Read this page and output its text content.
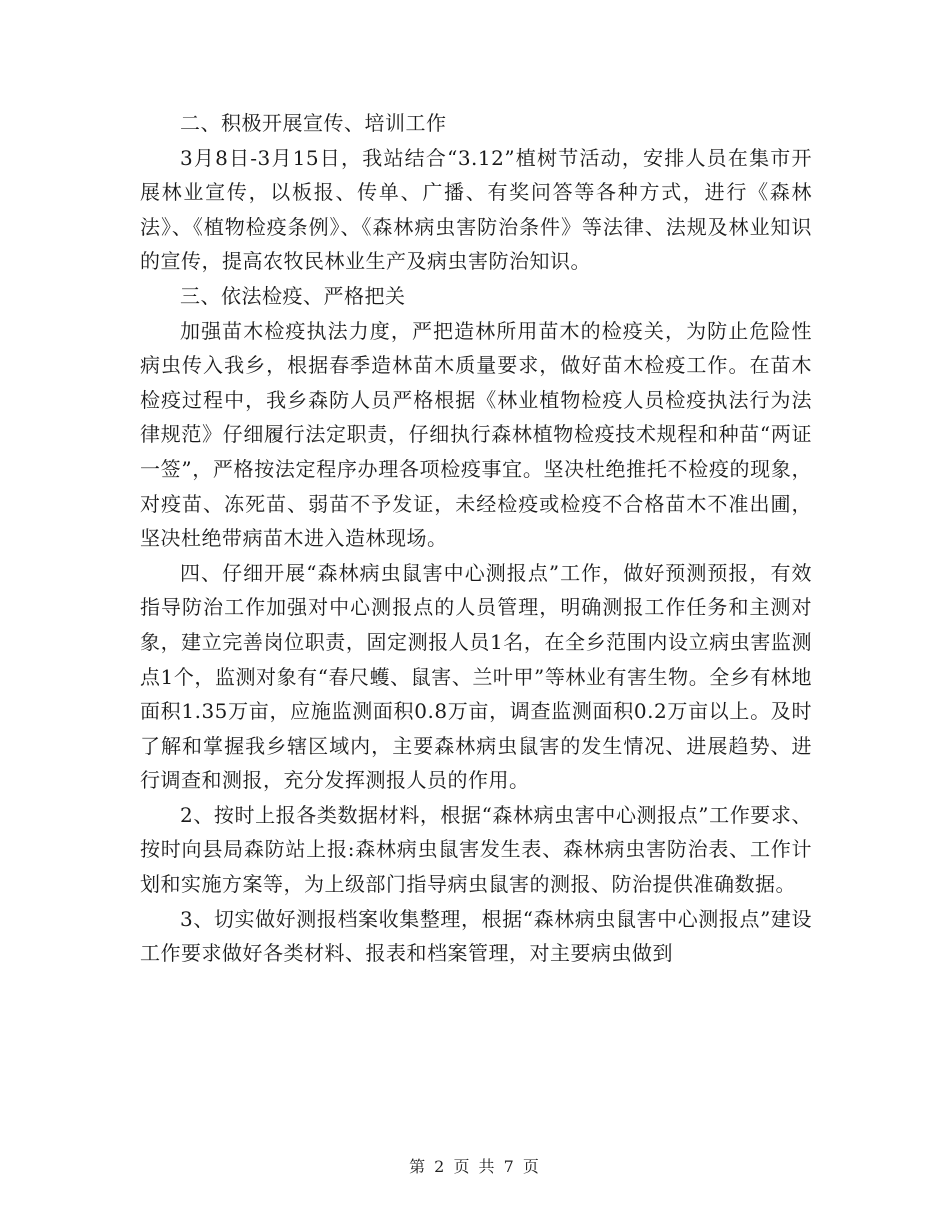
二、积极开展宣传、培训工作

3月8日-3月15日，我站结合“3.12”植树节活动，安排人员在集市开展林业宣传，以板报、传单、广播、有奖问答等各种方式，进行《森林法》、《植物检疫条例》、《森林病虫害防治条件》等法律、法规及林业知识的宣传，提高农牧民林业生产及病虫害防治知识。

三、依法检疫、严格把关

加强苗木检疫执法力度，严把造林所用苗木的检疫关，为防止危险性病虫传入我乡，根据春季造林苗木质量要求，做好苗木检疫工作。在苗木检疫过程中，我乡森防人员严格根据《林业植物检疫人员检疫执法行为法律规范》仔细履行法定职责，仔细执行森林植物检疫技术规程和种苗“两证一签”，严格按法定程序办理各项检疫事宜。坚决杜绝推托不检疫的现象，对疫苗、冻死苗、弱苗不予发证，未经检疫或检疫不合格苗木不准出圃，坚决杜绝带病苗木进入造林现场。

四、仔细开展“森林病虫鼠害中心测报点”工作，做好预测预报，有效指导防治工作加强对中心测报点的人员管理，明确测报工作任务和主测对象，建立完善岗位职责，固定测报人员1名，在全乡范围内设立病虫害监测点1个，监测对象有“春尺蠖、鼠害、兰叶甲”等林业有害生物。全乡有林地面积1.35万亩，应施监测面积0.8万亩，调查监测面积0.2万亩以上。及时了解和掌握我乡辖区域内，主要森林病虫鼠害的发生情况、进展趋势、进行调查和测报，充分发挥测报人员的作用。

2、按时上报各类数据材料，根据“森林病虫害中心测报点”工作要求、按时向县局森防站上报:森林病虫鼠害发生表、森林病虫害防治表、工作计划和实施方案等，为上级部门指导病虫鼠害的测报、防治提供准确数据。

3、切实做好测报档案收集整理，根据“森林病虫鼠害中心测报点”建设工作要求做好各类材料、报表和档案管理，对主要病虫做到

第 2 页 共 7 页
